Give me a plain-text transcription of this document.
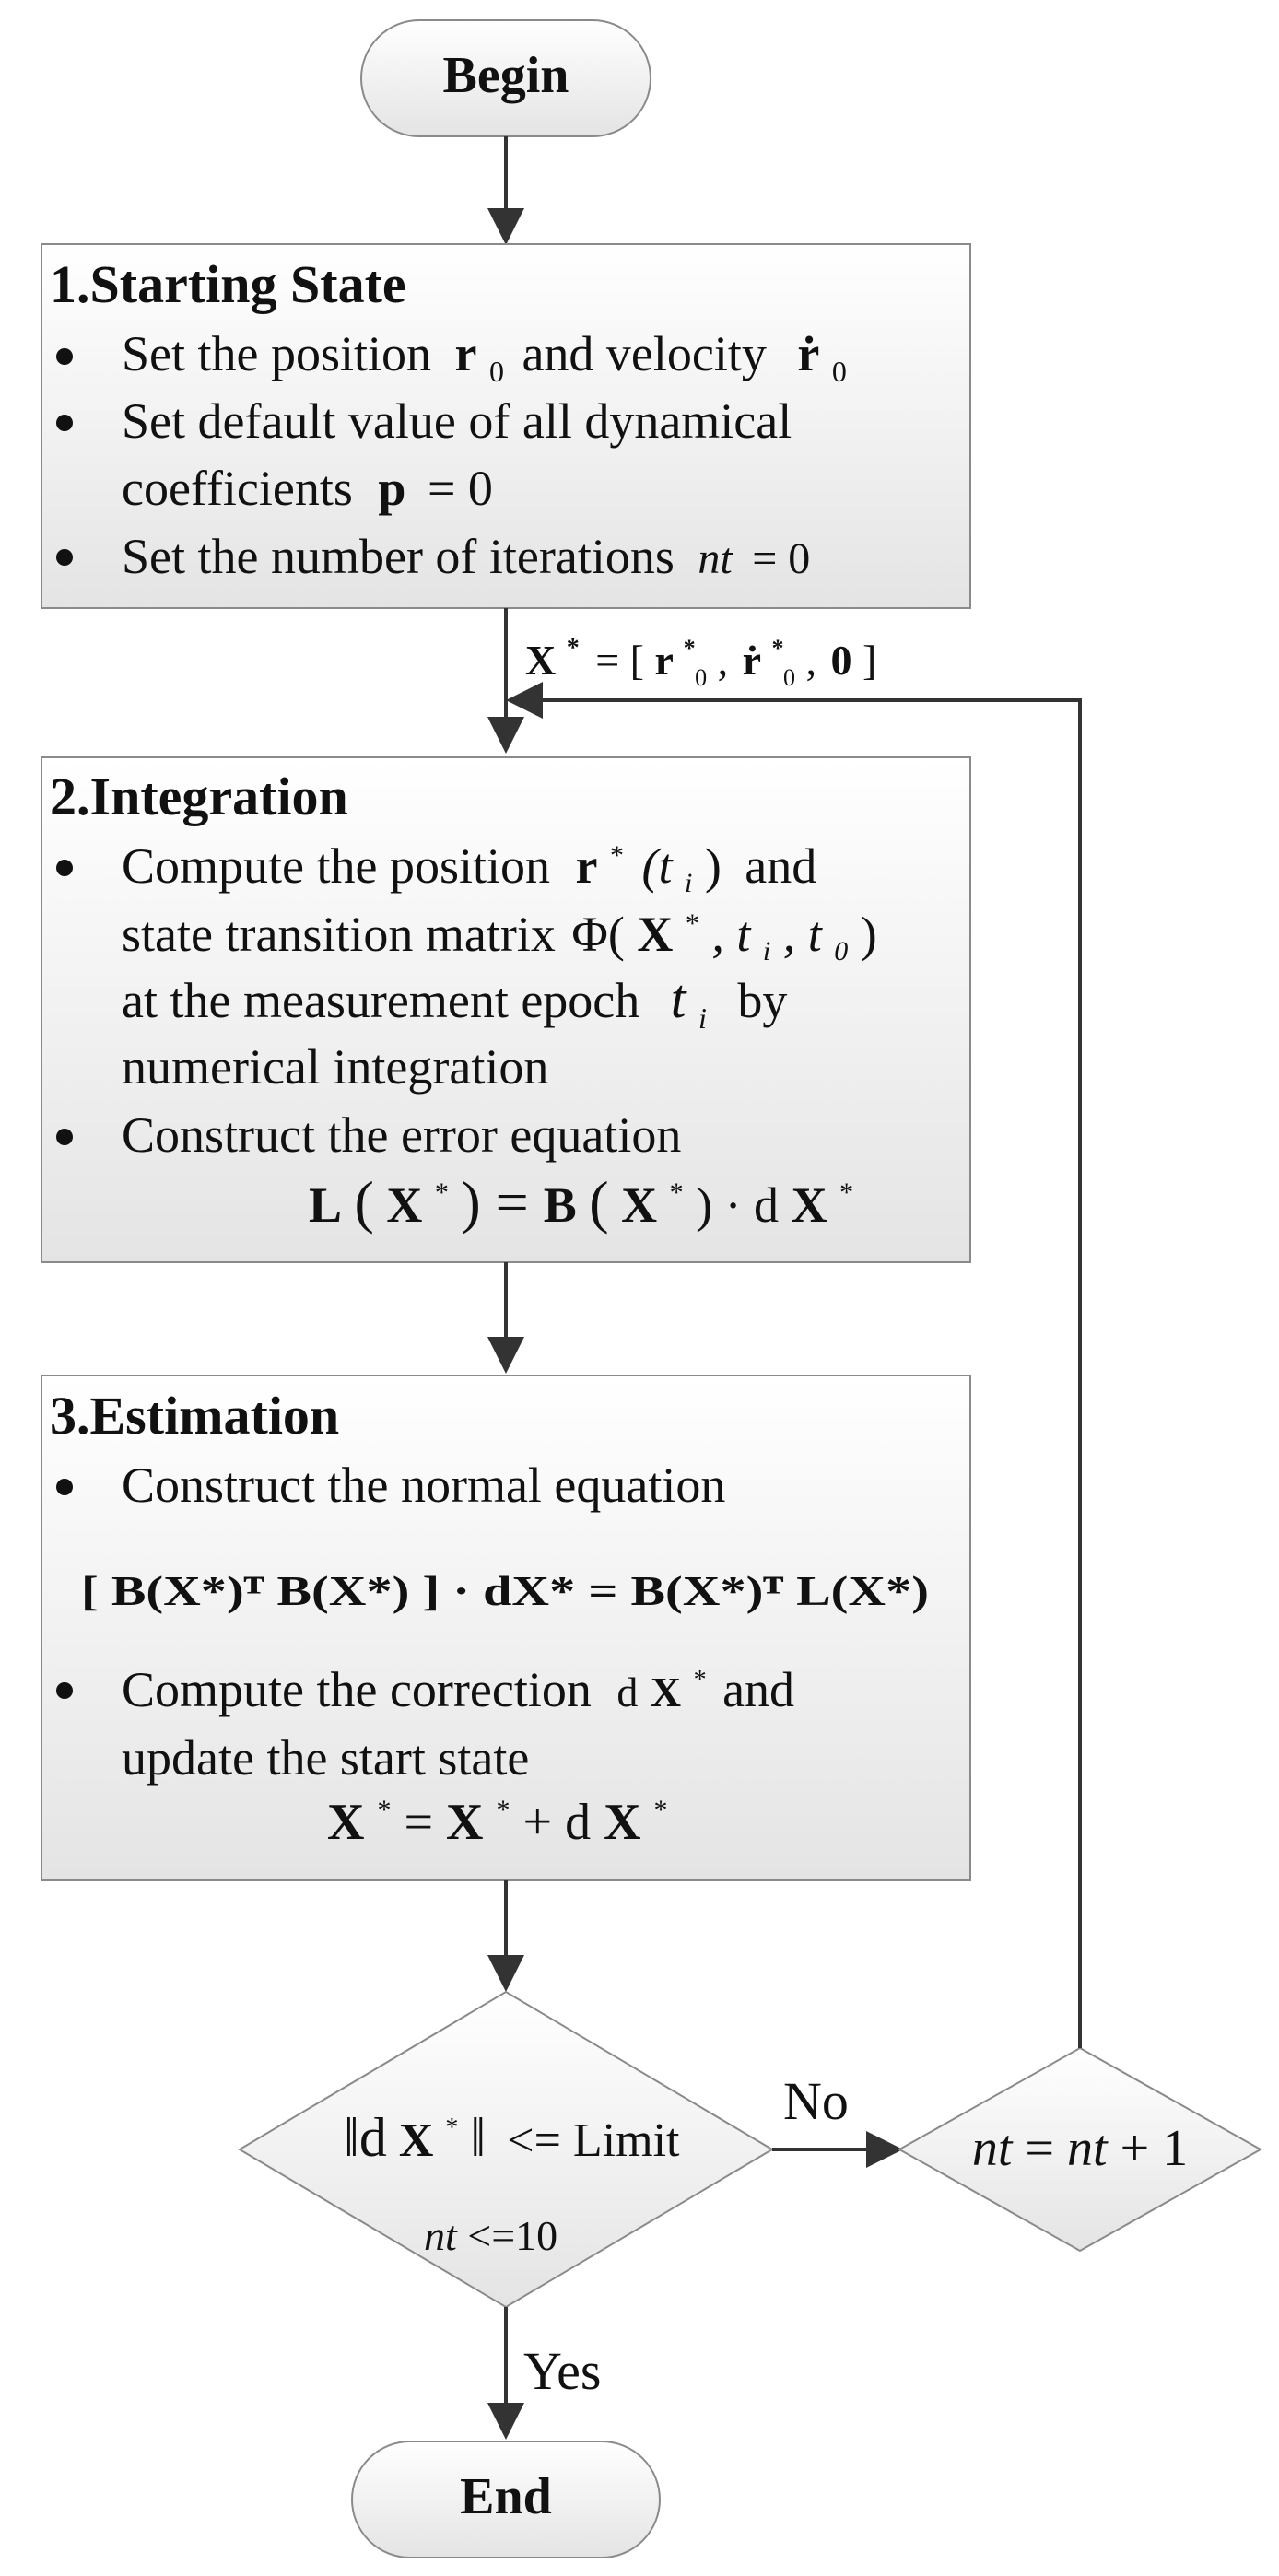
Begin
1.Starting State
Set the position r $_0$ and velocity ṙ $_0$
Set default value of all dynamical
coefficients p = 0
Set the number of iterations nt = 0
X * = [ r * 0 , ṙ * 0 , 0 ]
2.Integration
Compute the position r * (t i ) and
state transition matrix Φ( X * , t i , t 0 )
at the measurement epoch t $_i$ by
numerical integration
Construct the error equation
L ( X * ) = B ( X * ) · d X *
3.Estimation
Construct the normal equation
[ B(X*)ᵀ B(X*) ] · dX* = B(X*)ᵀ L(X*)
Compute the correction d X * and
update the start state
X * = X * + d X *
‖d X * ‖ <= Limit
nt <=10
No
nt = nt + 1
Yes
End
